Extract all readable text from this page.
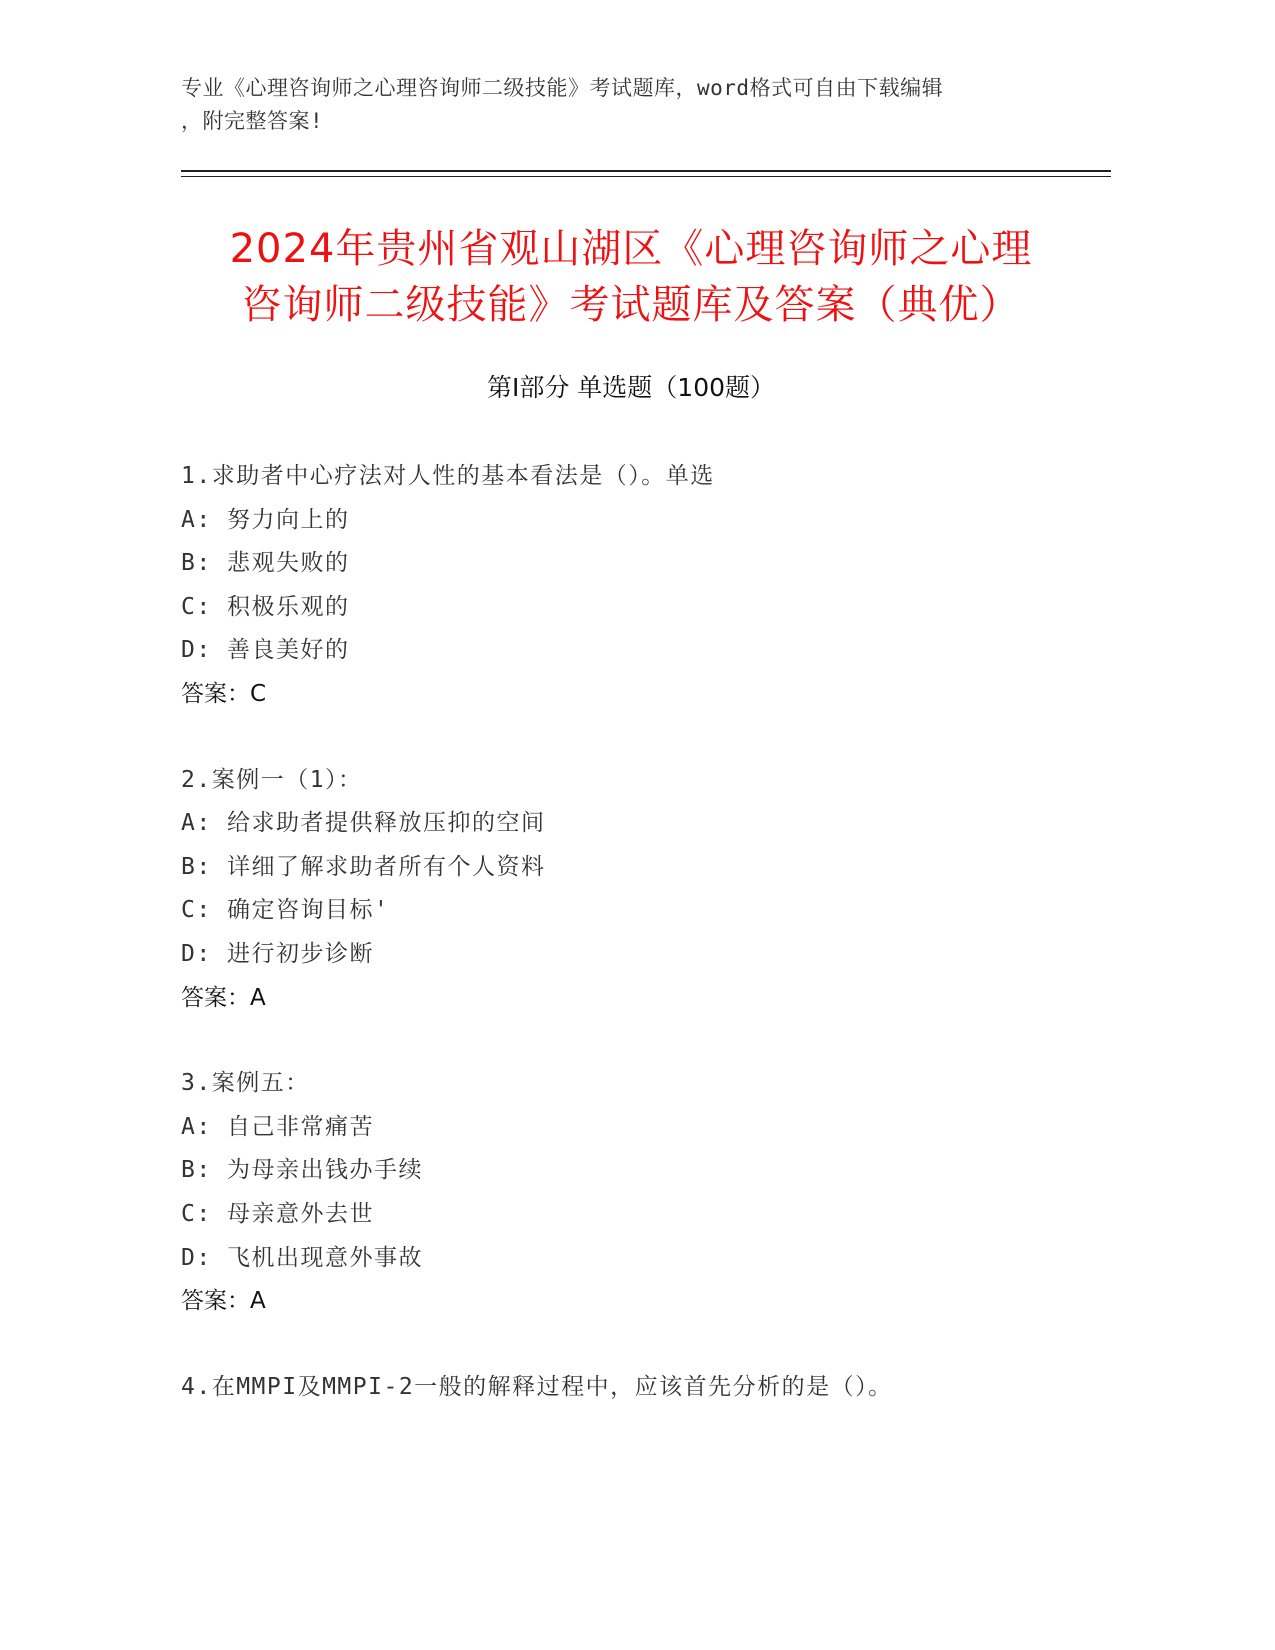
专业《心理咨询师之心理咨询师二级技能》考试题库，word格式可自由下载编辑
，附完整答案!
2024年贵州省观山湖区《心理咨询师之心理
咨询师二级技能》考试题库及答案（典优）
第Ⅰ部分 单选题（100题）
1.求助者中心疗法对人性的基本看法是（）。单选
A: 努力向上的
B: 悲观失败的
C: 积极乐观的
D: 善良美好的
答案：C
2.案例一（1）：
A: 给求助者提供释放压抑的空间
B: 详细了解求助者所有个人资料
C: 确定咨询目标'
D: 进行初步诊断
答案：A
3.案例五：
A: 自己非常痛苦
B: 为母亲出钱办手续
C: 母亲意外去世
D: 飞机出现意外事故
答案：A
4.在MMPI及MMPI-2一般的解释过程中，应该首先分析的是（）。
